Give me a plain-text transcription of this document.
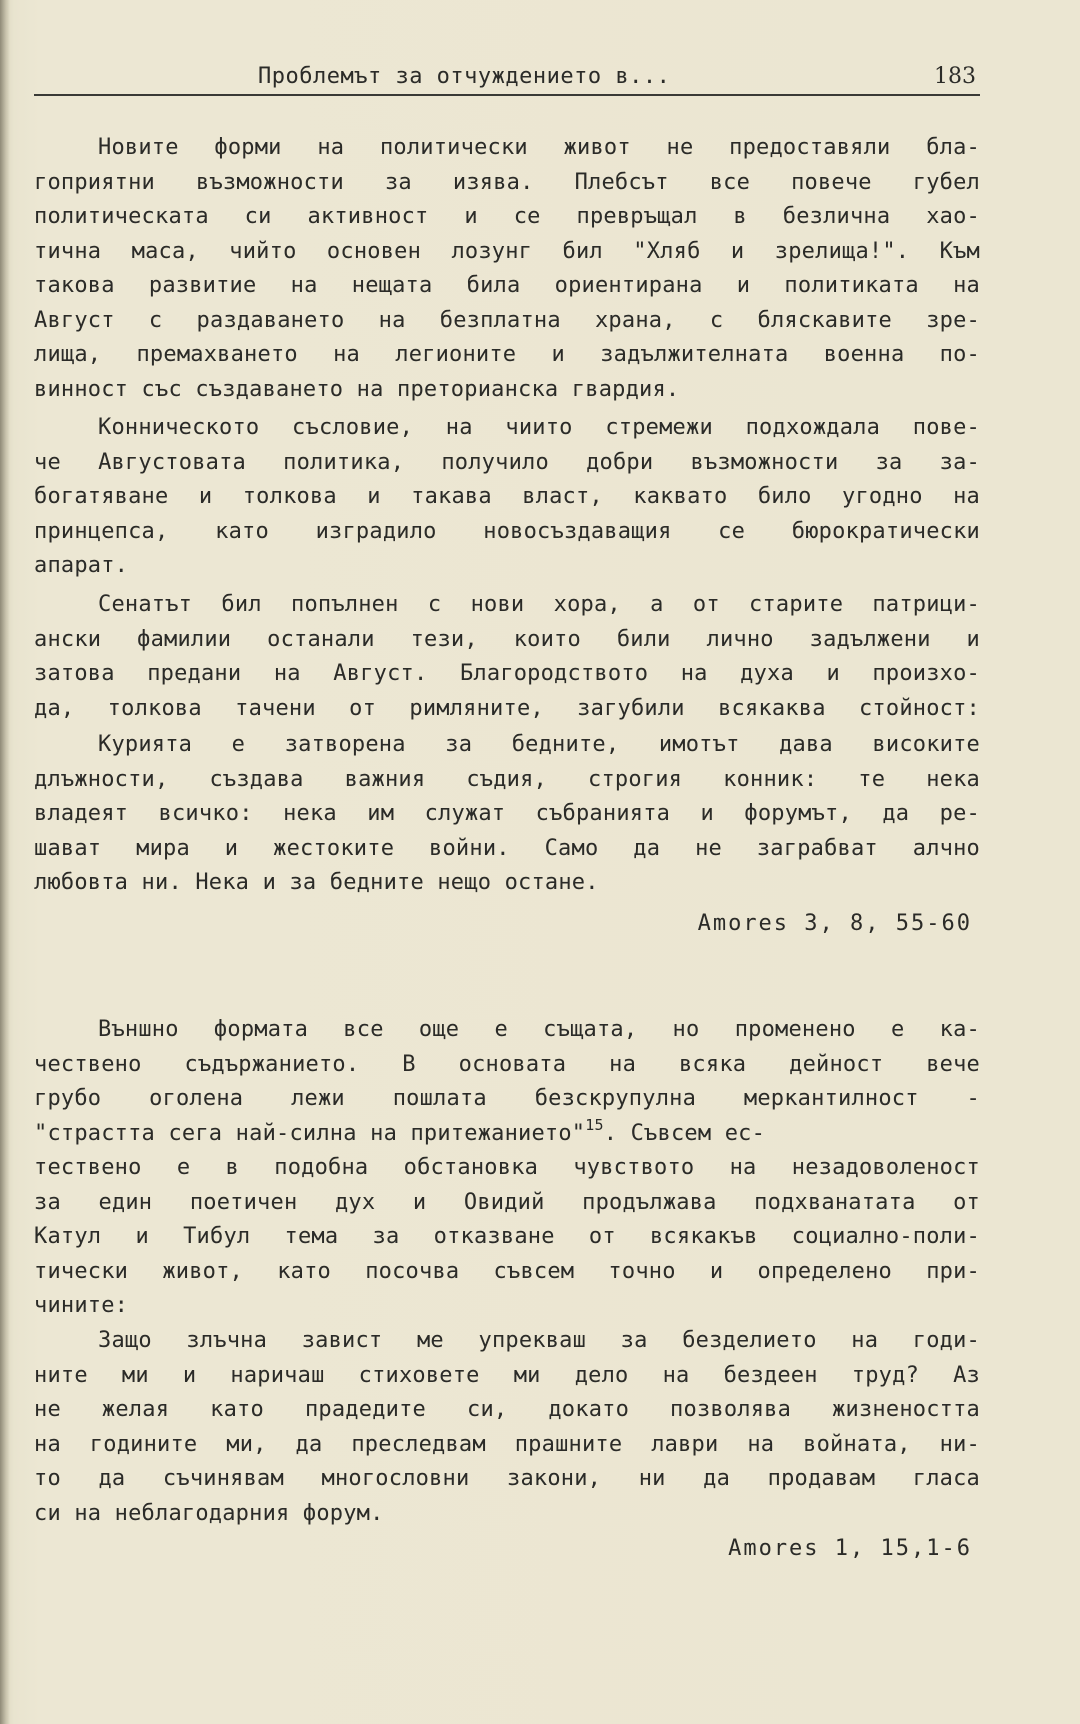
Проблемът за отчуждението в...	183
Новите форми на политически живот не предоставяли бла-
гоприятни възможности за изява. Плебсът все повече губел
политическата си активност и се превръщал в безлична хао-
тична маса, чийто основен лозунг бил "Хляб и зрелища!". Към
такова развитие на нещата била ориентирана и политиката на
Август с раздаването на безплатна храна, с бляскавите зре-
лища, премахването на легионите и задължителната военна по-
винност със създаването на преторианска гвардия.
Конническото съсловие, на чиито стремежи подхождала пове-
че Августовата политика, получило добри възможности за за-
богатяване и толкова и такава власт, каквато било угодно на
принцепса, като изградило новосъздаващия се бюрократически
апарат.
Сенатът бил попълнен с нови хора, а от старите патрици-
ански фамилии останали тези, които били лично задължени и
затова предани на Август. Благородството на духа и произхо-
да, толкова тачени от римляните, загубили всякаква стойност:
Курията е затворена за бедните, имотът дава високите
длъжности, създава важния съдия, строгия конник: те нека
владеят всичко: нека им служат събранията и форумът, да ре-
шават мира и жестоките войни. Само да не заграбват алчно
любовта ни. Нека и за бедните нещо остане.
Amores 3, 8, 55-60
Външно формата все още е същата, но променено е ка-
чествено съдържанието. В основата на всяка дейност вече
грубо оголена лежи пошлата безскрупулна меркантилност -
"страстта сега най-силна на притежанието"$^{15}$. Съвсем ес-
тествено е в подобна обстановка чувството на незадоволеност
за един поетичен дух и Овидий продължава подхванатата от
Катул и Тибул тема за отказване от всякакъв социално-поли-
тически живот, като посочва съвсем точно и определено при-
чините:
Защо злъчна завист ме упрекваш за безделието на годи-
ните ми и наричаш стиховете ми дело на бездеен труд? Аз
не желая като прадедите си, докато позволява жизнеността
на годините ми, да преследвам прашните лаври на войната, ни-
то да съчинявам многословни закони, ни да продавам гласа
си на неблагодарния форум.
Amores 1, 15,1-6
